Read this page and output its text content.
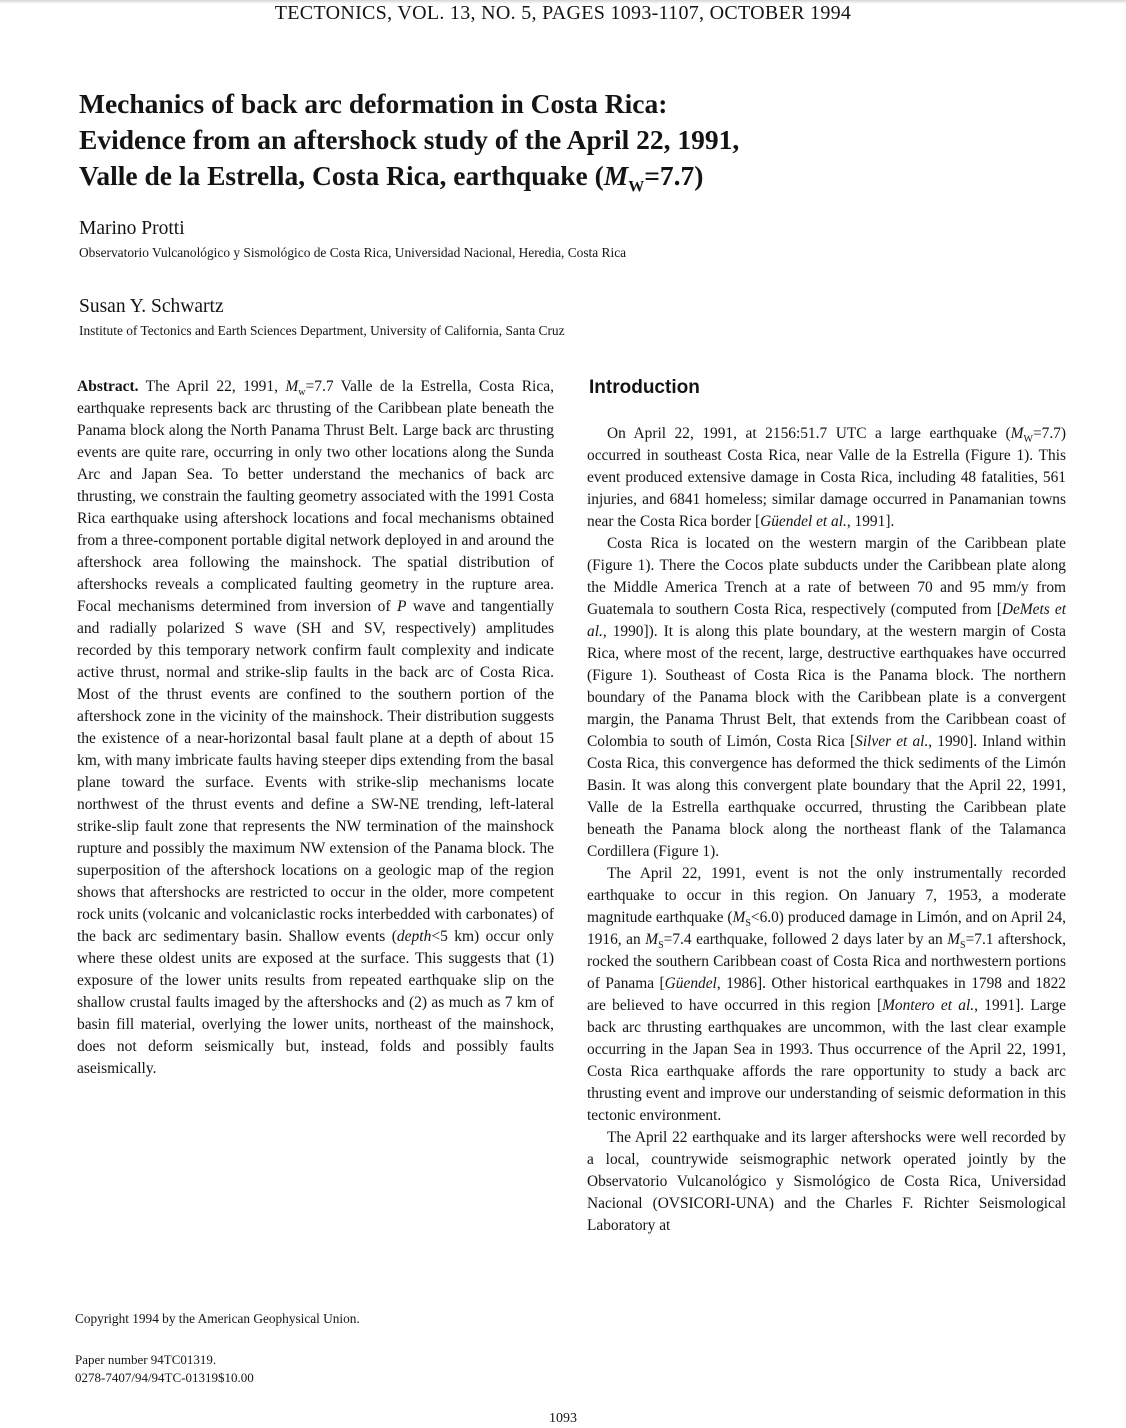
TECTONICS, VOL. 13, NO. 5, PAGES 1093-1107, OCTOBER 1994
Mechanics of back arc deformation in Costa Rica:
Evidence from an aftershock study of the April 22, 1991,
Valle de la Estrella, Costa Rica, earthquake $(M_W=7.7)$
Marino Protti
Observatorio Vulcanológico y Sismológico de Costa Rica, Universidad Nacional, Heredia, Costa Rica
Susan Y. Schwartz
Institute of Tectonics and Earth Sciences Department, University of California, Santa Cruz

Abstract. The April 22, 1991, $M_w=7.7$ Valle de la Estrella, Costa Rica, earthquake represents back arc thrusting of the Caribbean plate beneath the Panama block along the North Panama Thrust Belt. Large back arc thrusting events are quite rare, occurring in only two other locations along the Sunda Arc and Japan Sea. To better understand the mechanics of back arc thrusting, we constrain the faulting geometry associated with the 1991 Costa Rica earthquake using aftershock locations and focal mechanisms obtained from a three-component portable digital network deployed in and around the aftershock area following the mainshock. The spatial distribution of aftershocks reveals a complicated faulting geometry in the rupture area. Focal mechanisms determined from inversion of P wave and tangentially and radially polarized S wave (SH and SV, respectively) amplitudes recorded by this temporary network confirm fault complexity and indicate active thrust, normal and strike-slip faults in the back arc of Costa Rica. Most of the thrust events are confined to the southern portion of the aftershock zone in the vicinity of the mainshock. Their distribution suggests the existence of a near-horizontal basal fault plane at a depth of about 15 km, with many imbricate faults having steeper dips extending from the basal plane toward the surface. Events with strike-slip mechanisms locate northwest of the thrust events and define a SW-NE trending, left-lateral strike-slip fault zone that represents the NW termination of the mainshock rupture and possibly the maximum NW extension of the Panama block. The superposition of the aftershock locations on a geologic map of the region shows that aftershocks are restricted to occur in the older, more competent rock units (volcanic and volcaniclastic rocks interbedded with carbonates) of the back arc sedimentary basin. Shallow events (depth<5 km) occur only where these oldest units are exposed at the surface. This suggests that (1) exposure of the lower units results from repeated earthquake slip on the shallow crustal faults imaged by the aftershocks and (2) as much as 7 km of basin fill material, overlying the lower units, northeast of the mainshock, does not deform seismically but, instead, folds and possibly faults aseismically.

Copyright 1994 by the American Geophysical Union.
Paper number 94TC01319.
0278-7407/94/94TC-01319$10.00
Introduction

On April 22, 1991, at 2156:51.7 UTC a large earthquake $(M_W=7.7)$ occurred in southeast Costa Rica, near Valle de la Estrella (Figure 1). This event produced extensive damage in Costa Rica, including 48 fatalities, 561 injuries, and 6841 homeless; similar damage occurred in Panamanian towns near the Costa Rica border [Güendel et al., 1991].

Costa Rica is located on the western margin of the Caribbean plate (Figure 1). There the Cocos plate subducts under the Caribbean plate along the Middle America Trench at a rate of between 70 and 95 mm/y from Guatemala to southern Costa Rica, respectively (computed from [DeMets et al., 1990]). It is along this plate boundary, at the western margin of Costa Rica, where most of the recent, large, destructive earthquakes have occurred (Figure 1). Southeast of Costa Rica is the Panama block. The northern boundary of the Panama block with the Caribbean plate is a convergent margin, the Panama Thrust Belt, that extends from the Caribbean coast of Colombia to south of Limón, Costa Rica [Silver et al., 1990]. Inland within Costa Rica, this convergence has deformed the thick sediments of the Limón Basin. It was along this convergent plate boundary that the April 22, 1991, Valle de la Estrella earthquake occurred, thrusting the Caribbean plate beneath the Panama block along the northeast flank of the Talamanca Cordillera (Figure 1).

The April 22, 1991, event is not the only instrumentally recorded earthquake to occur in this region. On January 7, 1953, a moderate magnitude earthquake $(M_S<6.0)$ produced damage in Limón, and on April 24, 1916, an $M_S=7.4$ earthquake, followed 2 days later by an $M_S=7.1$ aftershock, rocked the southern Caribbean coast of Costa Rica and northwestern portions of Panama [Güendel, 1986]. Other historical earthquakes in 1798 and 1822 are believed to have occurred in this region [Montero et al., 1991]. Large back arc thrusting earthquakes are uncommon, with the last clear example occurring in the Japan Sea in 1993. Thus occurrence of the April 22, 1991, Costa Rica earthquake affords the rare opportunity to study a back arc thrusting event and improve our understanding of seismic deformation in this tectonic environment.

The April 22 earthquake and its larger aftershocks were well recorded by a local, countrywide seismographic network operated jointly by the Observatorio Vulcanológico y Sismológico de Costa Rica, Universidad Nacional (OVSICORI-UNA) and the Charles F. Richter Seismological Laboratory at

1093
